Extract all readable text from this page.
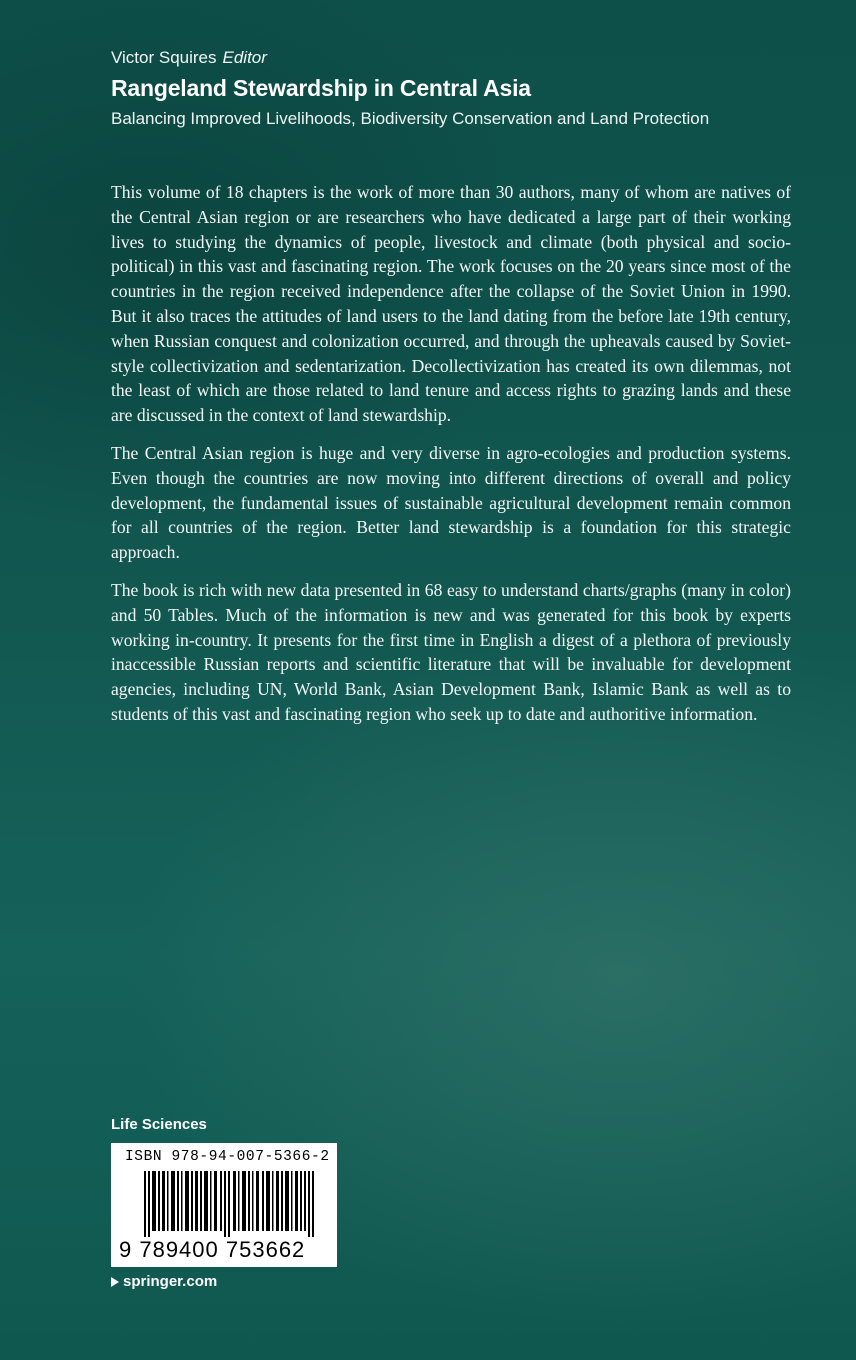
Victor Squires Editor
Rangeland Stewardship in Central Asia
Balancing Improved Livelihoods, Biodiversity Conservation and Land Protection

This volume of 18 chapters is the work of more than 30 authors, many of whom are natives of the Central Asian region or are researchers who have dedicated a large part of their working lives to studying the dynamics of people, livestock and climate (both physical and socio-political) in this vast and fascinating region. The work focuses on the 20 years since most of the countries in the region received independence after the collapse of the Soviet Union in 1990. But it also traces the attitudes of land users to the land dating from the before late 19th century, when Russian conquest and colonization occurred, and through the upheavals caused by Soviet-style collectivization and sedentarization. Decollectivization has created its own dilemmas, not the least of which are those related to land tenure and access rights to grazing lands and these are discussed in the context of land stewardship.

The Central Asian region is huge and very diverse in agro-ecologies and production systems. Even though the countries are now moving into different directions of overall and policy development, the fundamental issues of sustainable agricultural development remain common for all countries of the region. Better land stewardship is a foundation for this strategic approach.

The book is rich with new data presented in 68 easy to understand charts/graphs (many in color) and 50 Tables. Much of the information is new and was generated for this book by experts working in-country. It presents for the first time in English a digest of a plethora of previously inaccessible Russian reports and scientific literature that will be invaluable for development agencies, including UN, World Bank, Asian Development Bank, Islamic Bank as well as to students of this vast and fascinating region who seek up to date and authoritive information.

Life Sciences
ISBN 978-94-007-5366-2
9 789400 753662
springer.com
